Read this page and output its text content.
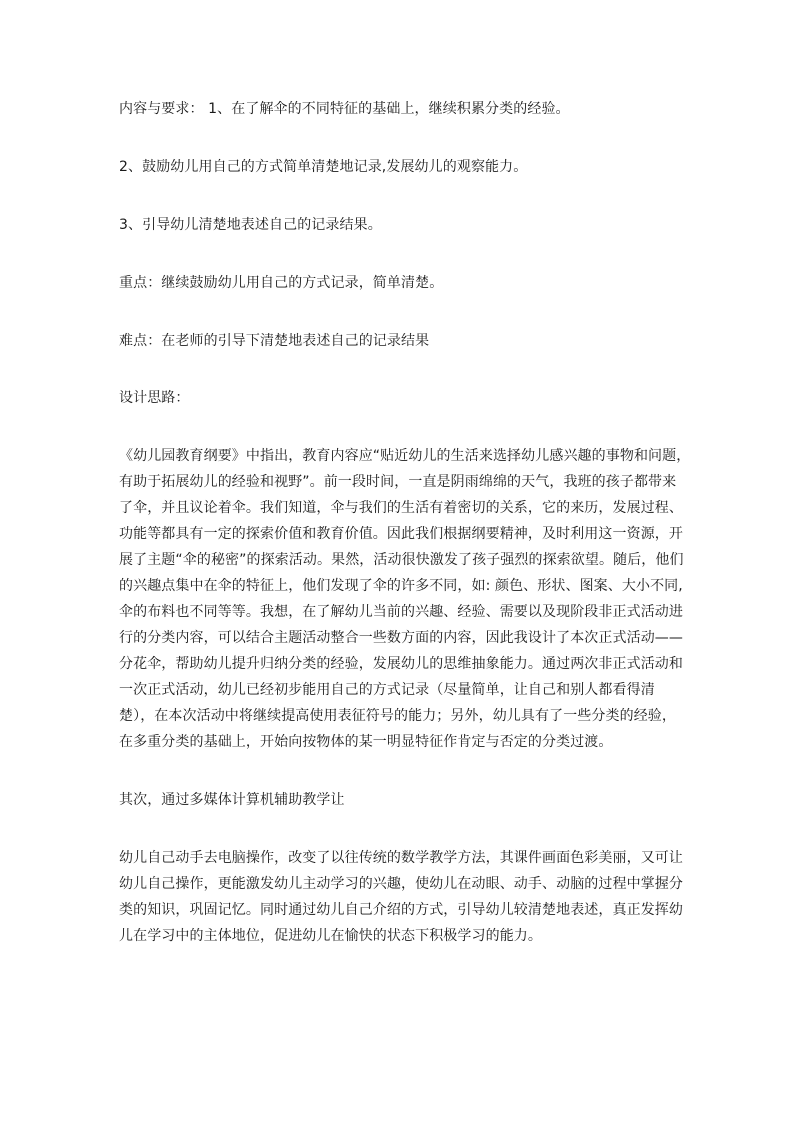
内容与要求： 1、在了解伞的不同特征的基础上，继续积累分类的经验。

2、鼓励幼儿用自己的方式简单清楚地记录,发展幼儿的观察能力。

3、引导幼儿清楚地表述自己的记录结果。

重点：继续鼓励幼儿用自己的方式记录，简单清楚。

难点：在老师的引导下清楚地表述自己的记录结果

设计思路：

《幼儿园教育纲要》中指出，教育内容应“贴近幼儿的生活来选择幼儿感兴趣的事物和问题，
有助于拓展幼儿的经验和视野”。前一段时间，一直是阴雨绵绵的天气，我班的孩子都带来
了伞，并且议论着伞。我们知道，伞与我们的生活有着密切的关系，它的来历，发展过程、
功能等都具有一定的探索价值和教育价值。因此我们根据纲要精神，及时利用这一资源，开
展了主题“伞的秘密”的探索活动。果然，活动很快激发了孩子强烈的探索欲望。随后，他们
的兴趣点集中在伞的特征上，他们发现了伞的许多不同，如: 颜色、形状、图案、大小不同,
伞的布料也不同等等。我想，在了解幼儿当前的兴趣、经验、需要以及现阶段非正式活动进
行的分类内容，可以结合主题活动整合一些数方面的内容，因此我设计了本次正式活动——
分花伞，帮助幼儿提升归纳分类的经验，发展幼儿的思维抽象能力。通过两次非正式活动和
一次正式活动，幼儿已经初步能用自己的方式记录（尽量简单，让自己和别人都看得清
楚），在本次活动中将继续提高使用表征符号的能力；另外，幼儿具有了一些分类的经验，
在多重分类的基础上，开始向按物体的某一明显特征作肯定与否定的分类过渡。

其次，通过多媒体计算机辅助教学让

幼儿自己动手去电脑操作，改变了以往传统的数学教学方法，其课件画面色彩美丽，又可让
幼儿自己操作，更能激发幼儿主动学习的兴趣，使幼儿在动眼、动手、动脑的过程中掌握分
类的知识，巩固记忆。同时通过幼儿自己介绍的方式，引导幼儿较清楚地表述，真正发挥幼
儿在学习中的主体地位，促进幼儿在愉快的状态下积极学习的能力。
